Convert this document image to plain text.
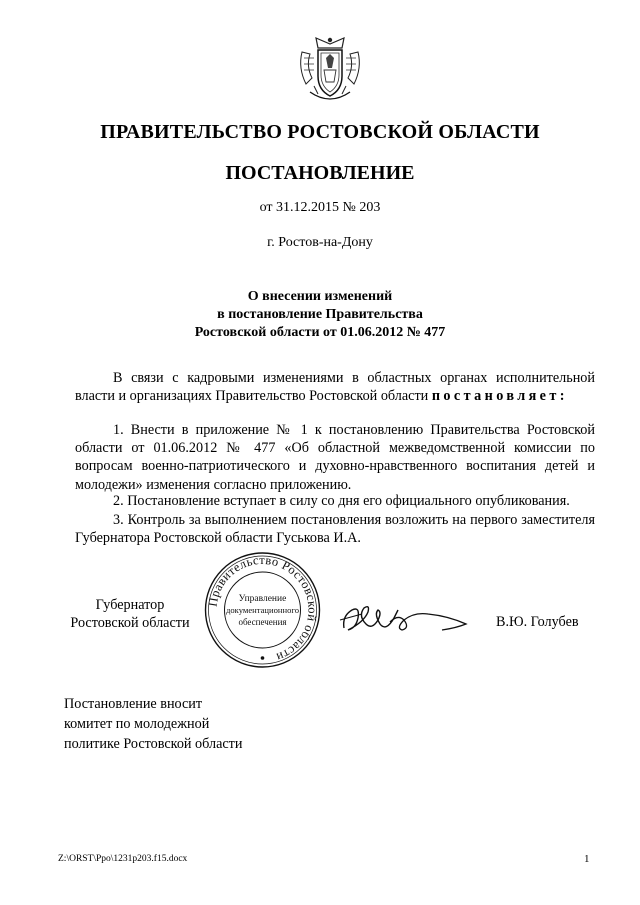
ПРАВИТЕЛЬСТВО РОСТОВСКОЙ ОБЛАСТИ
ПОСТАНОВЛЕНИЕ
от 31.12.2015 № 203
г. Ростов-на-Дону
О внесении изменений
в постановление Правительства
Ростовской области от 01.06.2012 № 477
В связи с кадровыми изменениями в областных органах исполнительной власти и организациях Правительство Ростовской области постановляет:
1. Внести в приложение № 1 к постановлению Правительства Ростовской области от 01.06.2012 № 477 «Об областной межведомственной комиссии по вопросам военно-патриотического и духовно-нравственного воспитания детей и молодежи» изменения согласно приложению.
2. Постановление вступает в силу со дня его официального опубликования.
3. Контроль за выполнением постановления возложить на первого заместителя Губернатора Ростовской области Гуськова И.А.
Губернатор
Ростовской области
Правительство Ростовской области
Управление
документационного
обеспечения	В.Ю. Голубев
Постановление вносит
комитет по молодежной
политике Ростовской области
Z:\ORST\Ppo\1231p203.f15.docx	1
